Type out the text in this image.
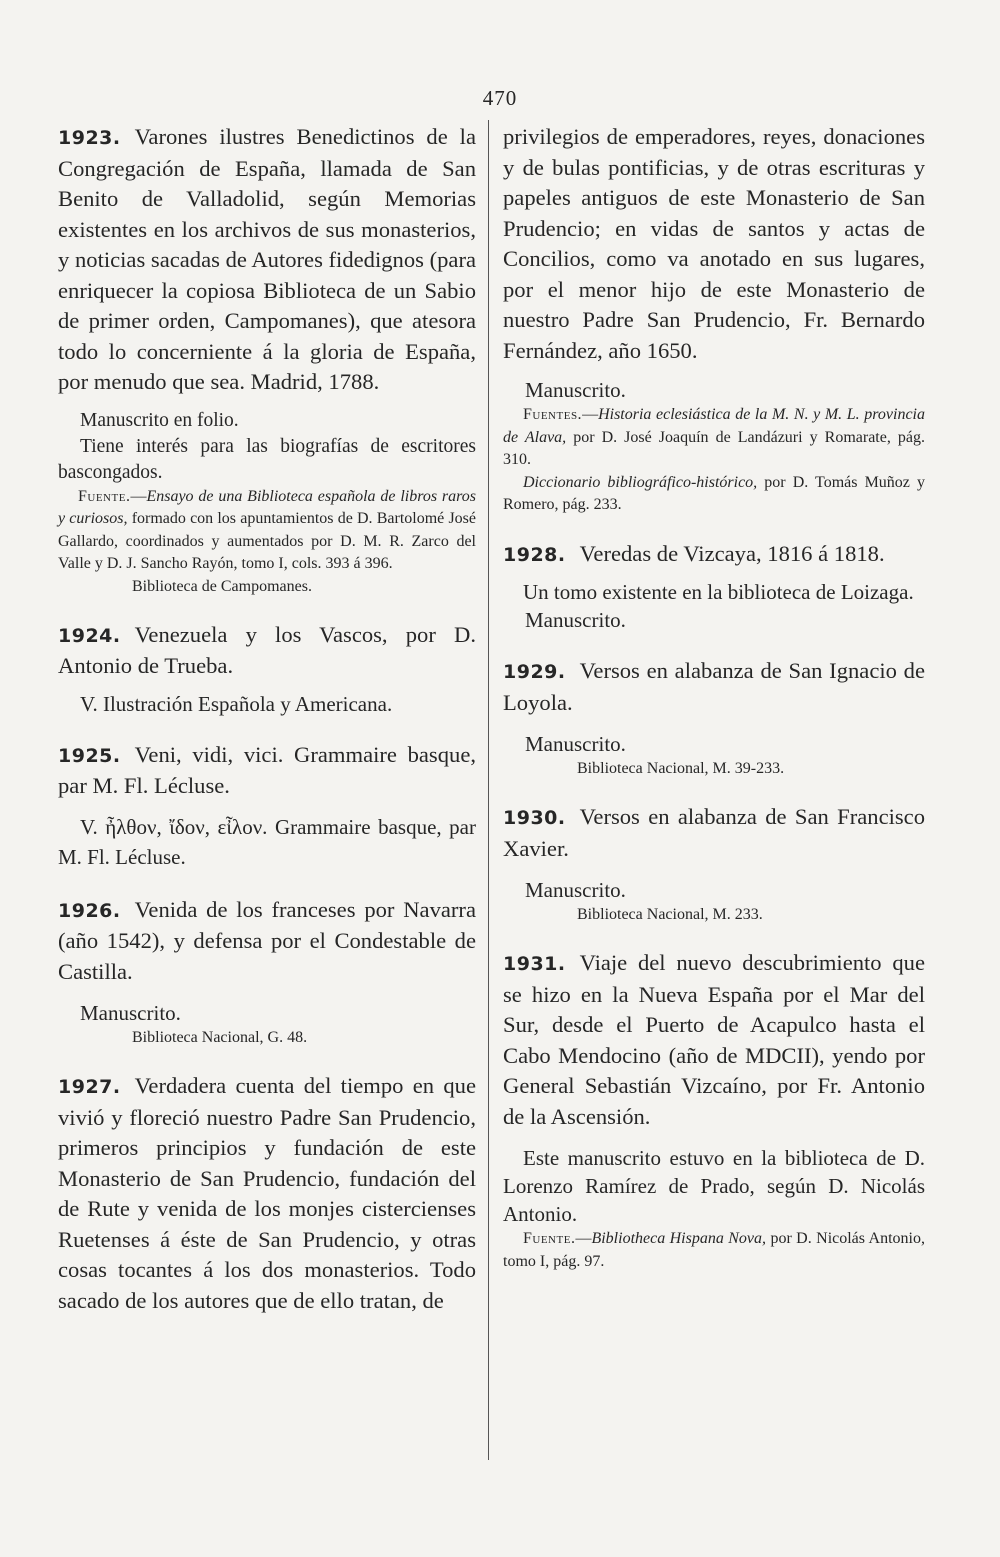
470

1923. Varones ilustres Benedictinos de la Congregación de España, llamada de San Benito de Valladolid, según Memorias existentes en los archivos de sus monasterios, y noticias sacadas de Autores fidedignos (para enriquecer la copiosa Biblioteca de un Sabio de primer orden, Campomanes), que atesora todo lo concerniente á la gloria de España, por menudo que sea. Madrid, 1788.

Manuscrito en folio.

Tiene interés para las biografías de escritores bascongados.

Fuente.—Ensayo de una Biblioteca española de libros raros y curiosos, formado con los apuntamientos de D. Bartolomé José Gallardo, coordinados y aumentados por D. M. R. Zarco del Valle y D. J. Sancho Rayón, tomo I, cols. 393 á 396.

Biblioteca de Campomanes.

1924. Venezuela y los Vascos, por D. Antonio de Trueba.

V. Ilustración Española y Americana.

1925. Veni, vidi, vici. Grammaire basque, par M. Fl. Lécluse.

V. ἦλθον, ἴδον, εἶλον. Grammaire basque, par M. Fl. Lécluse.

1926. Venida de los franceses por Navarra (año 1542), y defensa por el Condestable de Castilla.

Manuscrito.

Biblioteca Nacional, G. 48.

1927. Verdadera cuenta del tiempo en que vivió y floreció nuestro Padre San Prudencio, primeros principios y fundación de este Monasterio de San Prudencio, fundación del de Rute y venida de los monjes cistercienses Ruetenses á éste de San Prudencio, y otras cosas tocantes á los dos monasterios. Todo sacado de los autores que de ello tratan, de

privilegios de emperadores, reyes, donaciones y de bulas pontificias, y de otras escrituras y papeles antiguos de este Monasterio de San Prudencio; en vidas de santos y actas de Concilios, como va anotado en sus lugares, por el menor hijo de este Monasterio de nuestro Padre San Prudencio, Fr. Bernardo Fernández, año 1650.

Manuscrito.

Fuentes.—Historia eclesiástica de la M. N. y M. L. provincia de Alava, por D. José Joaquín de Landázuri y Romarate, pág. 310.

Diccionario bibliográfico-histórico, por D. Tomás Muñoz y Romero, pág. 233.

1928. Veredas de Vizcaya, 1816 á 1818.

Un tomo existente en la biblioteca de Loizaga.

Manuscrito.

1929. Versos en alabanza de San Ignacio de Loyola.

Manuscrito.

Biblioteca Nacional, M. 39-233.

1930. Versos en alabanza de San Francisco Xavier.

Manuscrito.

Biblioteca Nacional, M. 233.

1931. Viaje del nuevo descubrimiento que se hizo en la Nueva España por el Mar del Sur, desde el Puerto de Acapulco hasta el Cabo Mendocino (año de MDCII), yendo por General Sebastián Vizcaíno, por Fr. Antonio de la Ascensión.

Este manuscrito estuvo en la biblioteca de D. Lorenzo Ramírez de Prado, según D. Nicolás Antonio.

Fuente.—Bibliotheca Hispana Nova, por D. Nicolás Antonio, tomo I, pág. 97.
